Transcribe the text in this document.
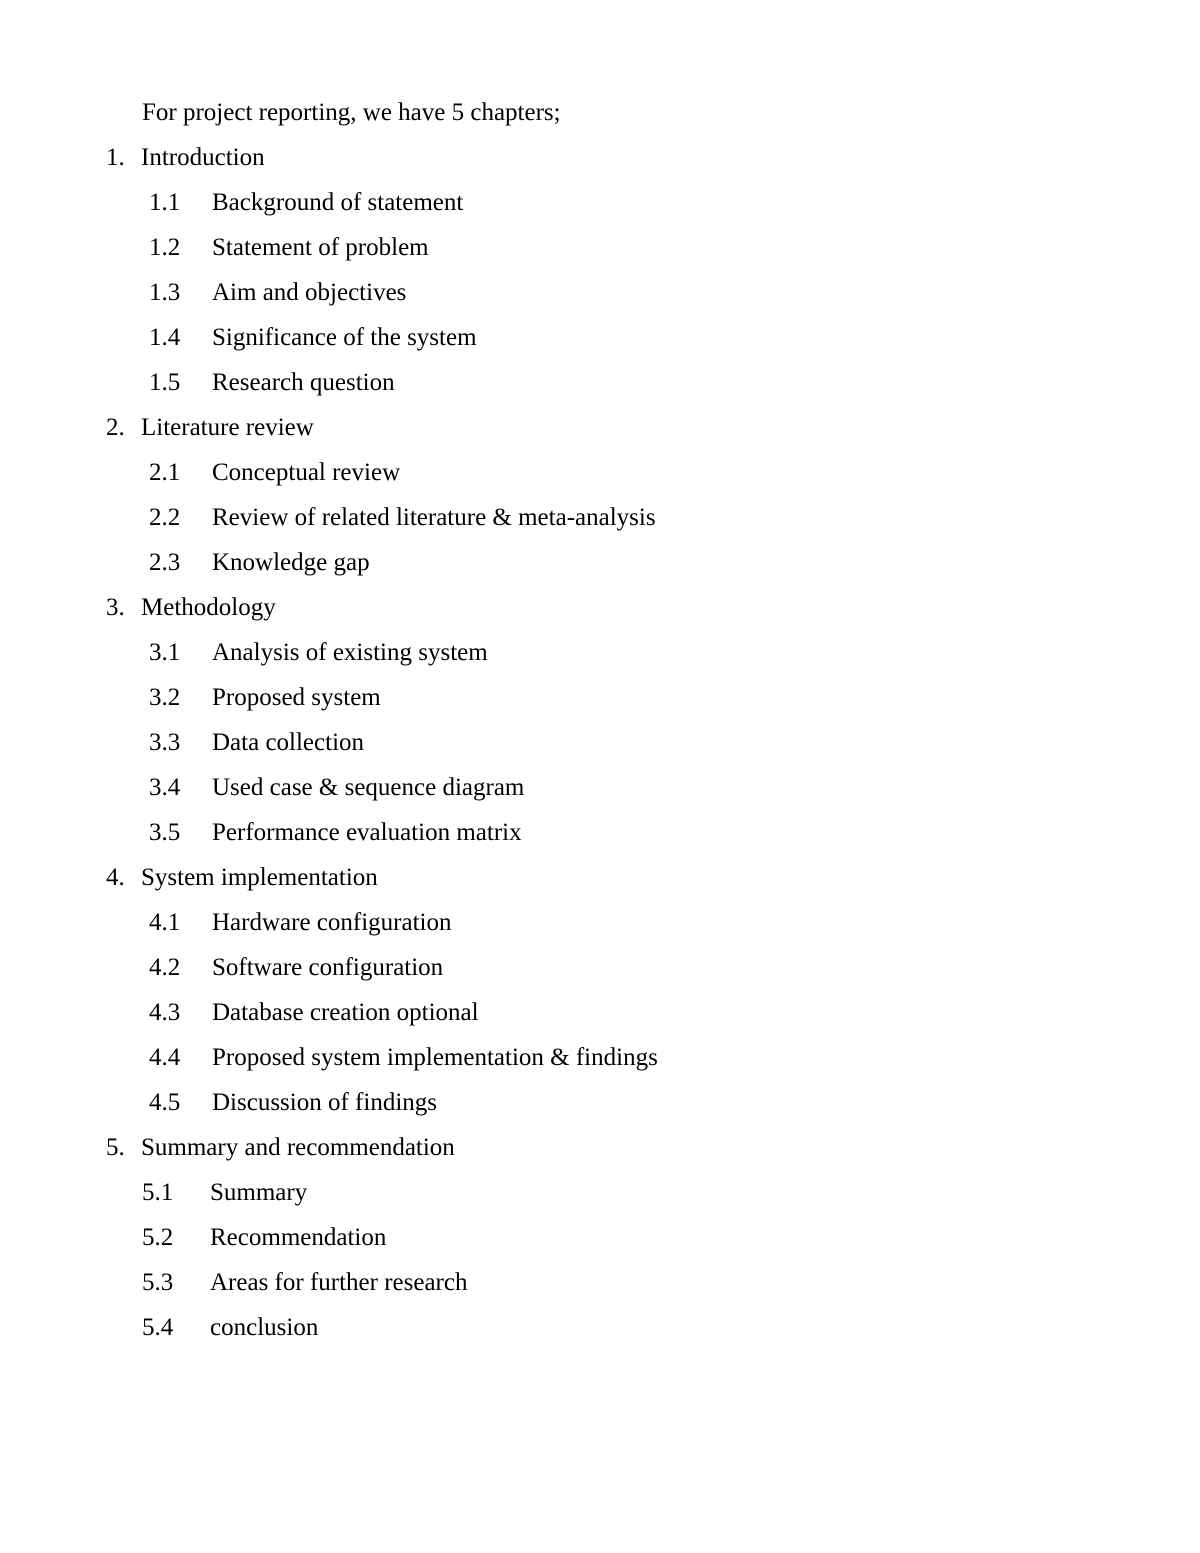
For project reporting, we have 5 chapters;
1. Introduction
1.1 Background of statement
1.2 Statement of problem
1.3 Aim and objectives
1.4 Significance of the system
1.5 Research question
2. Literature review
2.1 Conceptual review
2.2 Review of related literature & meta-analysis
2.3 Knowledge gap
3. Methodology
3.1 Analysis of existing system
3.2 Proposed system
3.3 Data collection
3.4 Used case & sequence diagram
3.5 Performance evaluation matrix
4. System implementation
4.1 Hardware configuration
4.2 Software configuration
4.3 Database creation optional
4.4 Proposed system implementation & findings
4.5 Discussion of findings
5. Summary and recommendation
5.1 Summary
5.2 Recommendation
5.3 Areas for further research
5.4 conclusion
